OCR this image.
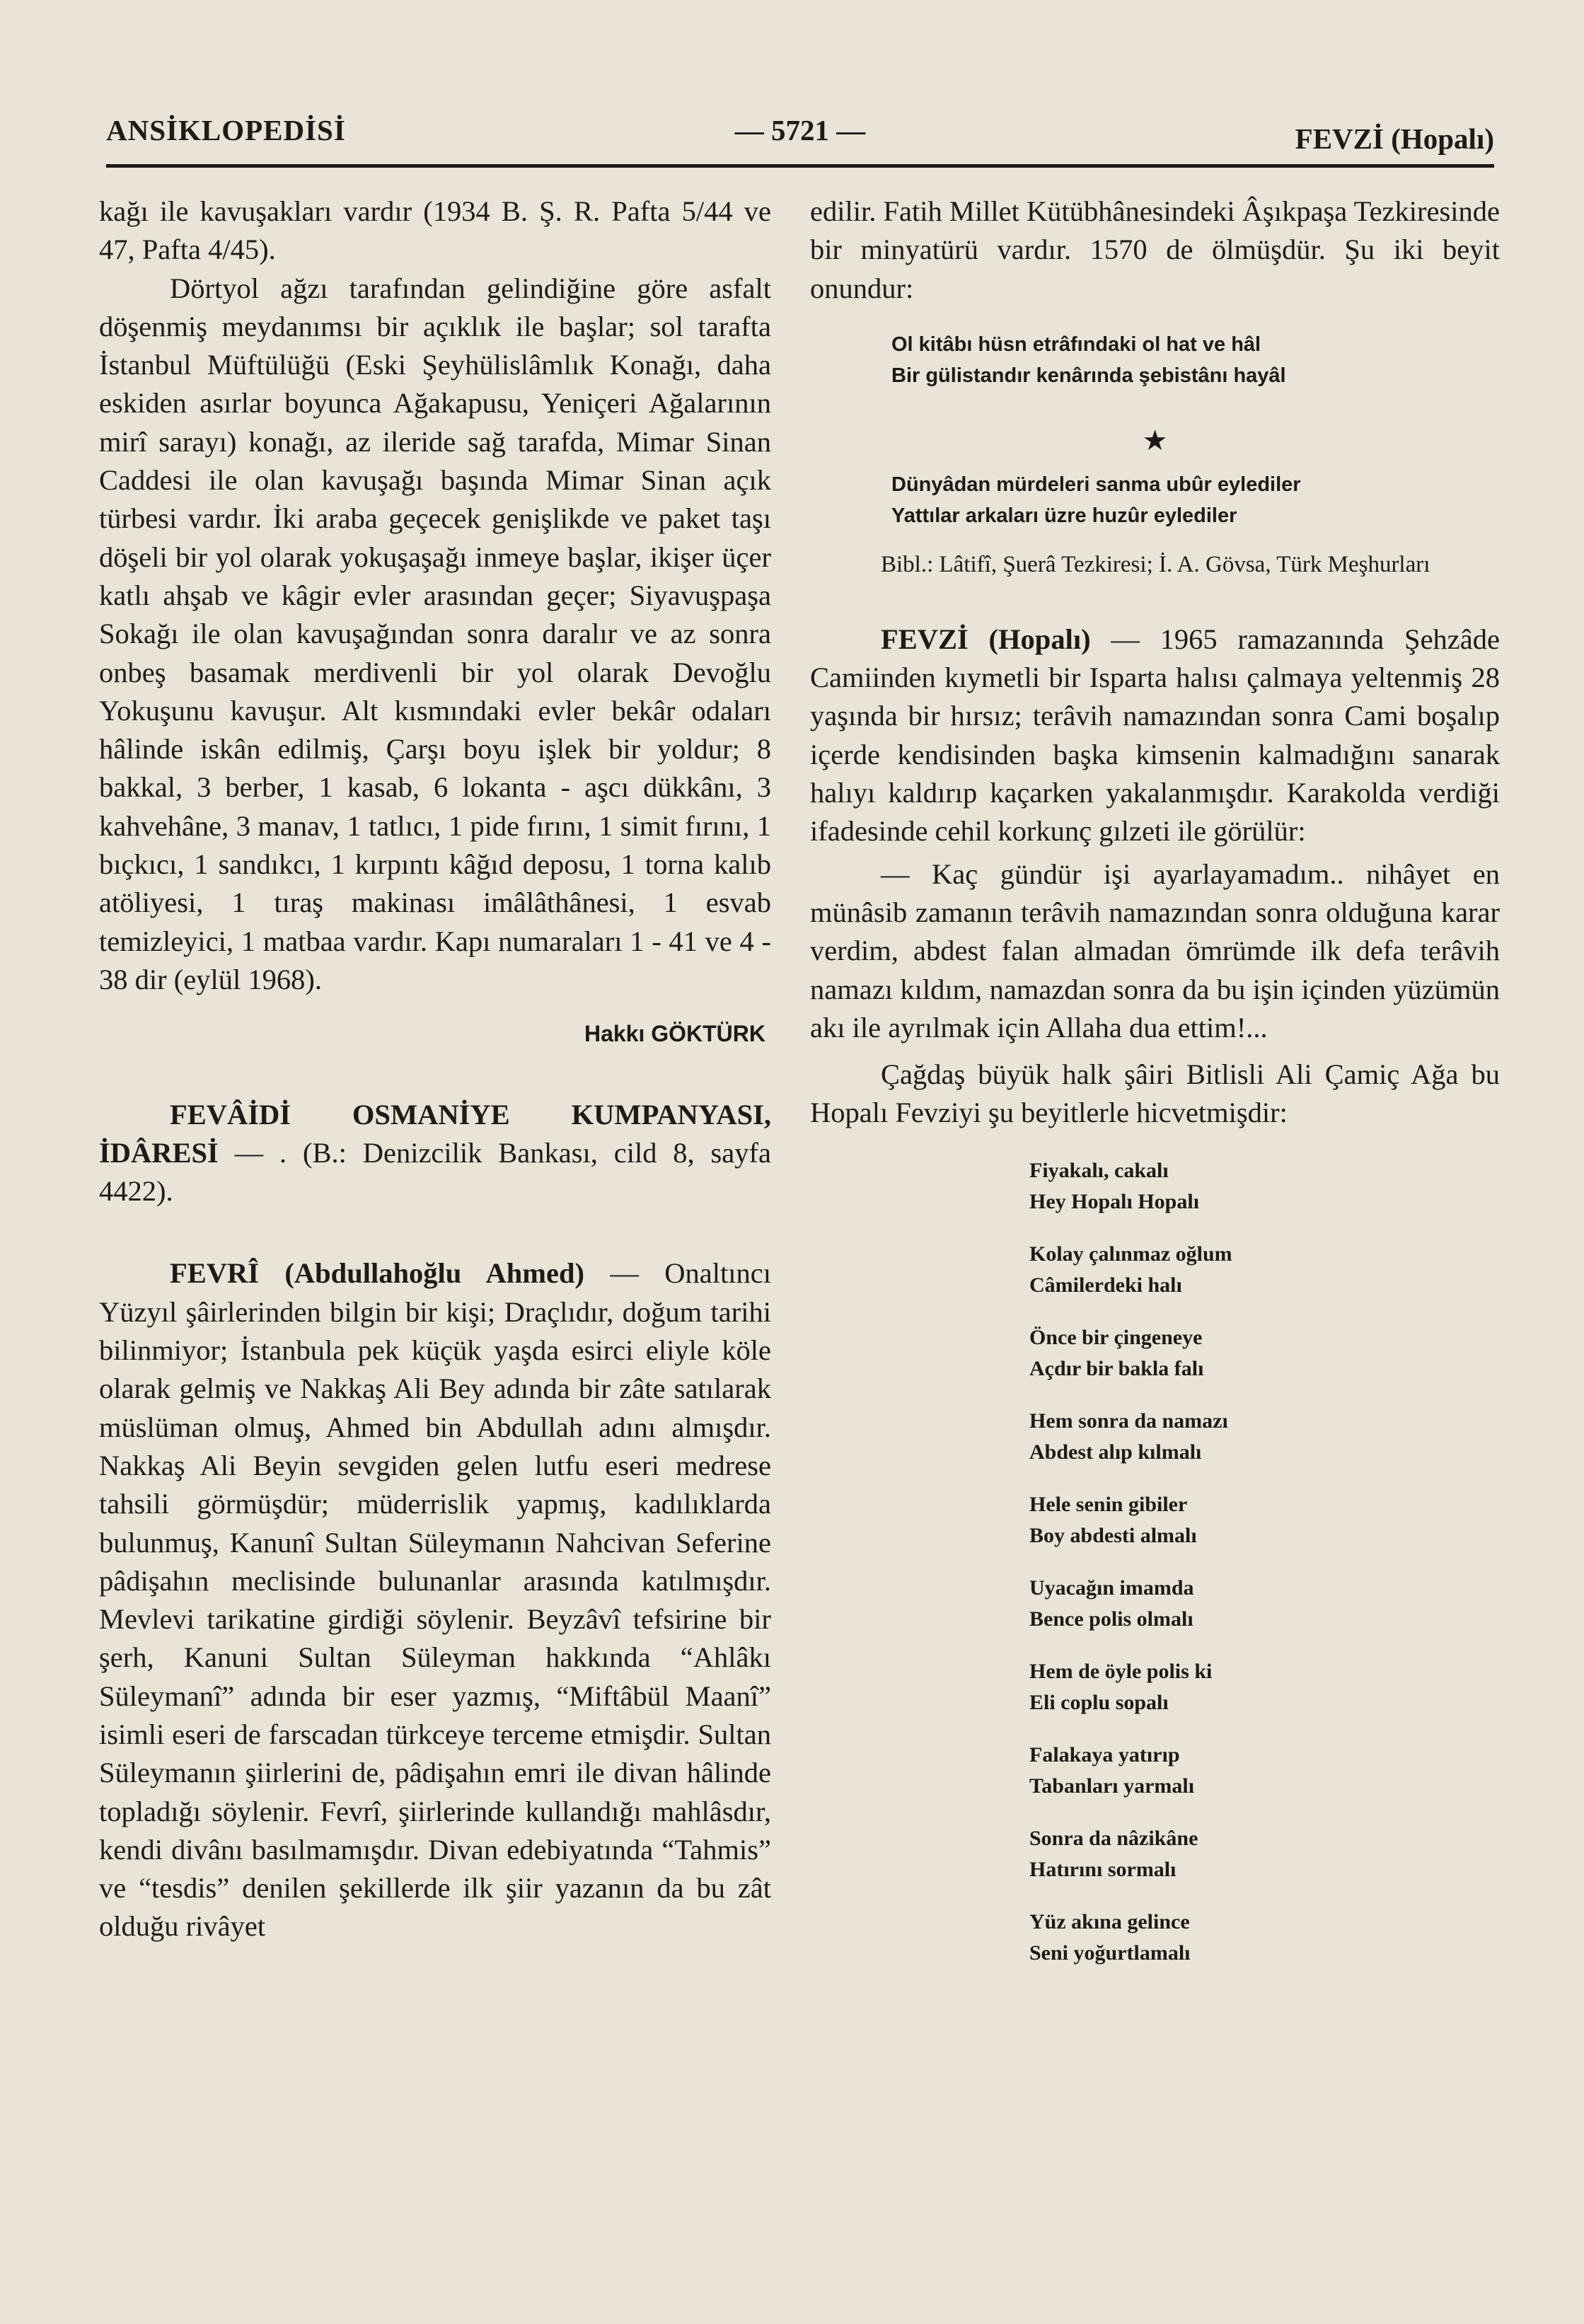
ANSİKLOPEDİSİ	— 5721 —	FEVZİ (Hopalı)

kağı ile kavuşakları vardır (1934 B. Ş. R. Pafta 5/44 ve 47, Pafta 4/45).

Dörtyol ağzı tarafından gelindiğine göre asfalt döşenmiş meydanımsı bir açıklık ile başlar; sol tarafta İstanbul Müftülüğü (Eski Şeyhülislâmlık Konağı, daha eskiden asırlar boyunca Ağakapusu, Yeniçeri Ağalarının mirî sarayı) konağı, az ileride sağ tarafda, Mimar Sinan Caddesi ile olan kavuşağı başında Mimar Sinan açık türbesi vardır. İki araba geçecek genişlikde ve paket taşı döşeli bir yol olarak yokuşaşağı inmeye başlar, ikişer üçer katlı ahşab ve kâgir evler arasından geçer; Siyavuşpaşa Sokağı ile olan kavuşağından sonra daralır ve az sonra onbeş basamak merdivenli bir yol olarak Devoğlu Yokuşunu kavuşur. Alt kısmındaki evler bekâr odaları hâlinde iskân edilmiş, Çarşı boyu işlek bir yoldur; 8 bakkal, 3 berber, 1 kasab, 6 lokanta - aşcı dükkânı, 3 kahvehâne, 3 manav, 1 tatlıcı, 1 pide fırını, 1 simit fırını, 1 bıçkıcı, 1 sandıkcı, 1 kırpıntı kâğıd deposu, 1 torna kalıb atöliyesi, 1 tıraş makinası imâlâthânesi, 1 esvab temizleyici, 1 matbaa vardır. Kapı numaraları 1 - 41 ve 4 - 38 dir (eylül 1968).

Hakkı GÖKTÜRK

FEVÂİDİ OSMANİYE KUMPANYASI, İDÂRESİ — . (B.: Denizcilik Bankası, cild 8, sayfa 4422).

FEVRÎ (Abdullahoğlu Ahmed) — Onaltıncı Yüzyıl şâirlerinden bilgin bir kişi; Draçlıdır, doğum tarihi bilinmiyor; İstanbula pek küçük yaşda esirci eliyle köle olarak gelmiş ve Nakkaş Ali Bey adında bir zâte satılarak müslüman olmuş, Ahmed bin Abdullah adını almışdır. Nakkaş Ali Beyin sevgiden gelen lutfu eseri medrese tahsili görmüşdür; müderrislik yapmış, kadılıklarda bulunmuş, Kanunî Sultan Süleymanın Nahcivan Seferine pâdişahın meclisinde bulunanlar arasında katılmışdır. Mevlevi tarikatine girdiği söylenir. Beyzâvî tefsirine bir şerh, Kanuni Sultan Süleyman hakkında “Ahlâkı Süleymanî” adında bir eser yazmış, “Miftâbül Maanî” isimli eseri de farscadan türkceye terceme etmişdir. Sultan Süleymanın şiirlerini de, pâdişahın emri ile divan hâlinde topladığı söylenir. Fevrî, şiirlerinde kullandığı mahlâsdır, kendi divânı basılmamışdır. Divan edebiyatında “Tahmis” ve “tesdis” denilen şekillerde ilk şiir yazanın da bu zât olduğu rivâyet

edilir. Fatih Millet Kütübhânesindeki Âşıkpaşa Tezkiresinde bir minyatürü vardır. 1570 de ölmüşdür. Şu iki beyit onundur:

Ol kitâbı hüsn etrâfındaki ol hat ve hâl

Bir gülistandır kenârında şebistânı hayâl

★

Dünyâdan mürdeleri sanma ubûr eylediler

Yattılar arkaları üzre huzûr eylediler

Bibl.: Lâtifî, Şuerâ Tezkiresi; İ. A. Gövsa, Türk Meşhurları

FEVZİ (Hopalı) — 1965 ramazanında Şehzâde Camiinden kıymetli bir Isparta halısı çalmaya yeltenmiş 28 yaşında bir hırsız; terâvih namazından sonra Cami boşalıp içerde kendisinden başka kimsenin kalmadığını sanarak halıyı kaldırıp kaçarken yakalanmışdır. Karakolda verdiği ifadesinde cehil korkunç gılzeti ile görülür:

— Kaç gündür işi ayarlayamadım.. nihâyet en münâsib zamanın terâvih namazından sonra olduğuna karar verdim, abdest falan almadan ömrümde ilk defa terâvih namazı kıldım, namazdan sonra da bu işin içinden yüzümün akı ile ayrılmak için Allaha dua ettim!...

Çağdaş büyük halk şâiri Bitlisli Ali Çamiç Ağa bu Hopalı Fevziyi şu beyitlerle hicvetmişdir:

Fiyakalı, cakalı

Hey Hopalı Hopalı

Kolay çalınmaz oğlum

Câmilerdeki halı

Önce bir çingeneye

Açdır bir bakla falı

Hem sonra da namazı

Abdest alıp kılmalı

Hele senin gibiler

Boy abdesti almalı

Uyacağın imamda

Bence polis olmalı

Hem de öyle polis ki

Eli coplu sopalı

Falakaya yatırıp

Tabanları yarmalı

Sonra da nâzikâne

Hatırını sormalı

Yüz akına gelince

Seni yoğurtlamalı
